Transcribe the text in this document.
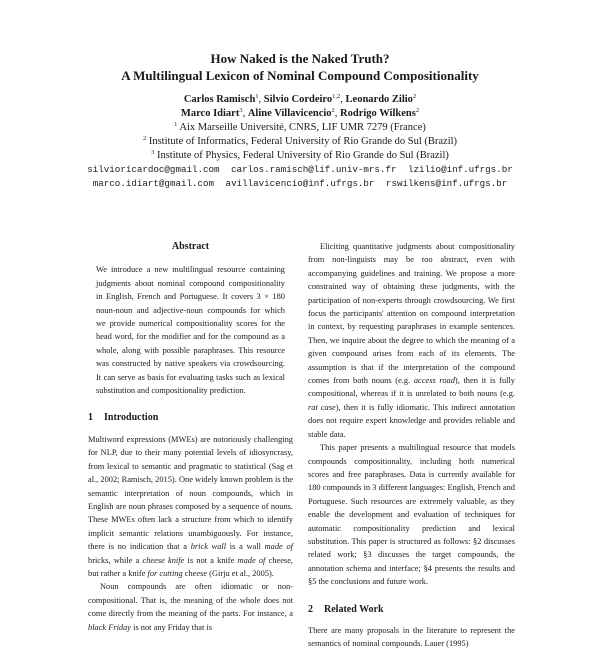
How Naked is the Naked Truth?
A Multilingual Lexicon of Nominal Compound Compositionality
Carlos Ramisch$^1$, Silvio Cordeiro$^{1,2}$, Leonardo Zilio$^2$
Marco Idiart$^3$, Aline Villavicencio$^2$, Rodrigo Wilkens$^2$
$^1$ Aix Marseille Université, CNRS, LIF UMR 7279 (France)
$^2$ Institute of Informatics, Federal University of Rio Grande do Sul (Brazil)
$^3$ Institute of Physics, Federal University of Rio Grande do Sul (Brazil)
silvioricardoc@gmail.com carlos.ramisch@lif.univ-mrs.fr lzilio@inf.ufrgs.br
marco.idiart@gmail.com avillavicencio@inf.ufrgs.br rswilkens@inf.ufrgs.br
Abstract

We introduce a new multilingual resource containing judgments about nominal compound compositionality in English, French and Portuguese. It covers 3 × 180 noun-noun and adjective-noun compounds for which we provide numerical compositionality scores for the head word, for the modifier and for the compound as a whole, along with possible paraphrases. This resource was constructed by native speakers via crowdsourcing. It can serve as basis for evaluating tasks such as lexical substitution and compositionality prediction.

1 Introduction

Multiword expressions (MWEs) are notoriously challenging for NLP, due to their many potential levels of idiosyncrasy, from lexical to semantic and pragmatic to statistical (Sag et al., 2002; Ramisch, 2015). One widely known problem is the semantic interpretation of noun compounds, which in English are noun phrases composed by a sequence of nouns. These MWEs often lack a structure from which to identify implicit semantic relations unambiguously. For instance, there is no indication that a brick wall is a wall made of bricks, while a cheese knife is not a knife made of cheese, but rather a knife for cutting cheese (Girju et al., 2005).

Noun compounds are often idiomatic or non-compositional. That is, the meaning of the whole does not come directly from the meaning of the parts. For instance, a black Friday is not any Friday that is

Eliciting quantitative judgments about compositionality from non-linguists may be too abstract, even with accompanying guidelines and training. We propose a more constrained way of obtaining these judgments, with the participation of non-experts through crowdsourcing. We first focus the participants' attention on compound interpretation in context, by requesting paraphrases in example sentences. Then, we inquire about the degree to which the meaning of a given compound arises from each of its elements. The assumption is that if the interpretation of the compound comes from both nouns (e.g. access road), then it is fully compositional, whereas if it is unrelated to both nouns (e.g. rat case), then it is fully idiomatic. This indirect annotation does not require expert knowledge and provides reliable and stable data.

This paper presents a multilingual resource that models compounds compositionality, including both numerical scores and free paraphrases. Data is currently available for 180 compounds in 3 different languages: English, French and Portuguese. Such resources are extremely valuable, as they enable the development and evaluation of techniques for automatic compositionality prediction and lexical substitution. This paper is structured as follows: §2 discusses related work; §3 discusses the target compounds, the annotation schema and interface; §4 presents the results and §5 the conclusions and future work.

2 Related Work

There are many proposals in the literature to represent the semantics of nominal compounds. Lauer (1995)
